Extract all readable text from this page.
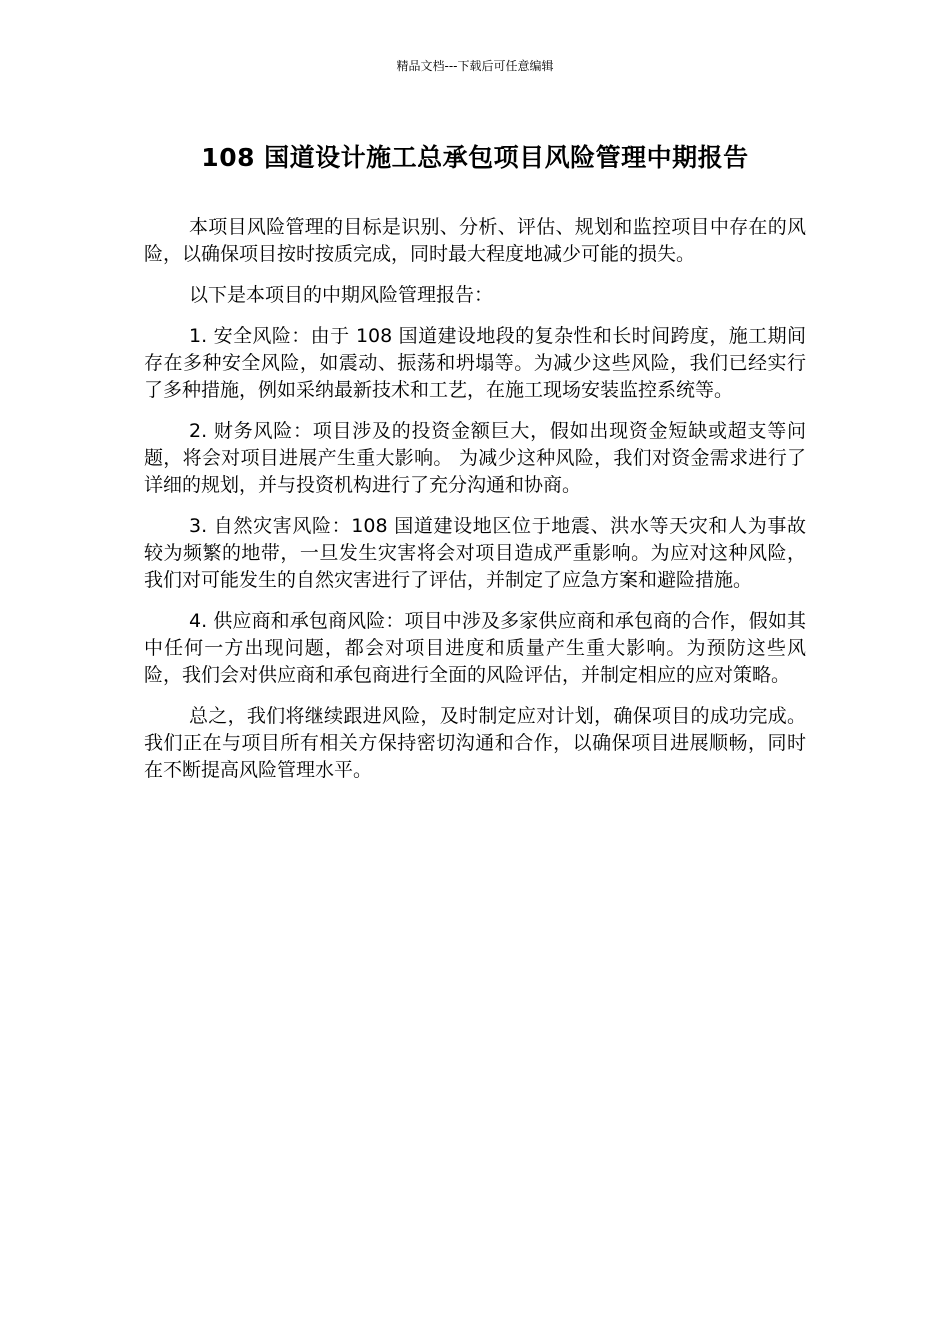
精品文档---下载后可任意编辑
108 国道设计施工总承包项目风险管理中期报告

本项目风险管理的目标是识别、分析、评估、规划和监控项目中存在的风险，以确保项目按时按质完成，同时最大程度地减少可能的损失。

以下是本项目的中期风险管理报告：

1. 安全风险：由于 108 国道建设地段的复杂性和长时间跨度，施工期间存在多种安全风险，如震动、振荡和坍塌等。为减少这些风险，我们已经实行了多种措施，例如采纳最新技术和工艺，在施工现场安装监控系统等。

2. 财务风险：项目涉及的投资金额巨大，假如出现资金短缺或超支等问题，将会对项目进展产生重大影响。 为减少这种风险，我们对资金需求进行了详细的规划，并与投资机构进行了充分沟通和协商。

3. 自然灾害风险：108 国道建设地区位于地震、洪水等天灾和人为事故较为频繁的地带，一旦发生灾害将会对项目造成严重影响。为应对这种风险，我们对可能发生的自然灾害进行了评估，并制定了应急方案和避险措施。

4. 供应商和承包商风险：项目中涉及多家供应商和承包商的合作，假如其中任何一方出现问题，都会对项目进度和质量产生重大影响。为预防这些风险，我们会对供应商和承包商进行全面的风险评估，并制定相应的应对策略。

总之，我们将继续跟进风险，及时制定应对计划，确保项目的成功完成。我们正在与项目所有相关方保持密切沟通和合作，以确保项目进展顺畅，同时在不断提高风险管理水平。
